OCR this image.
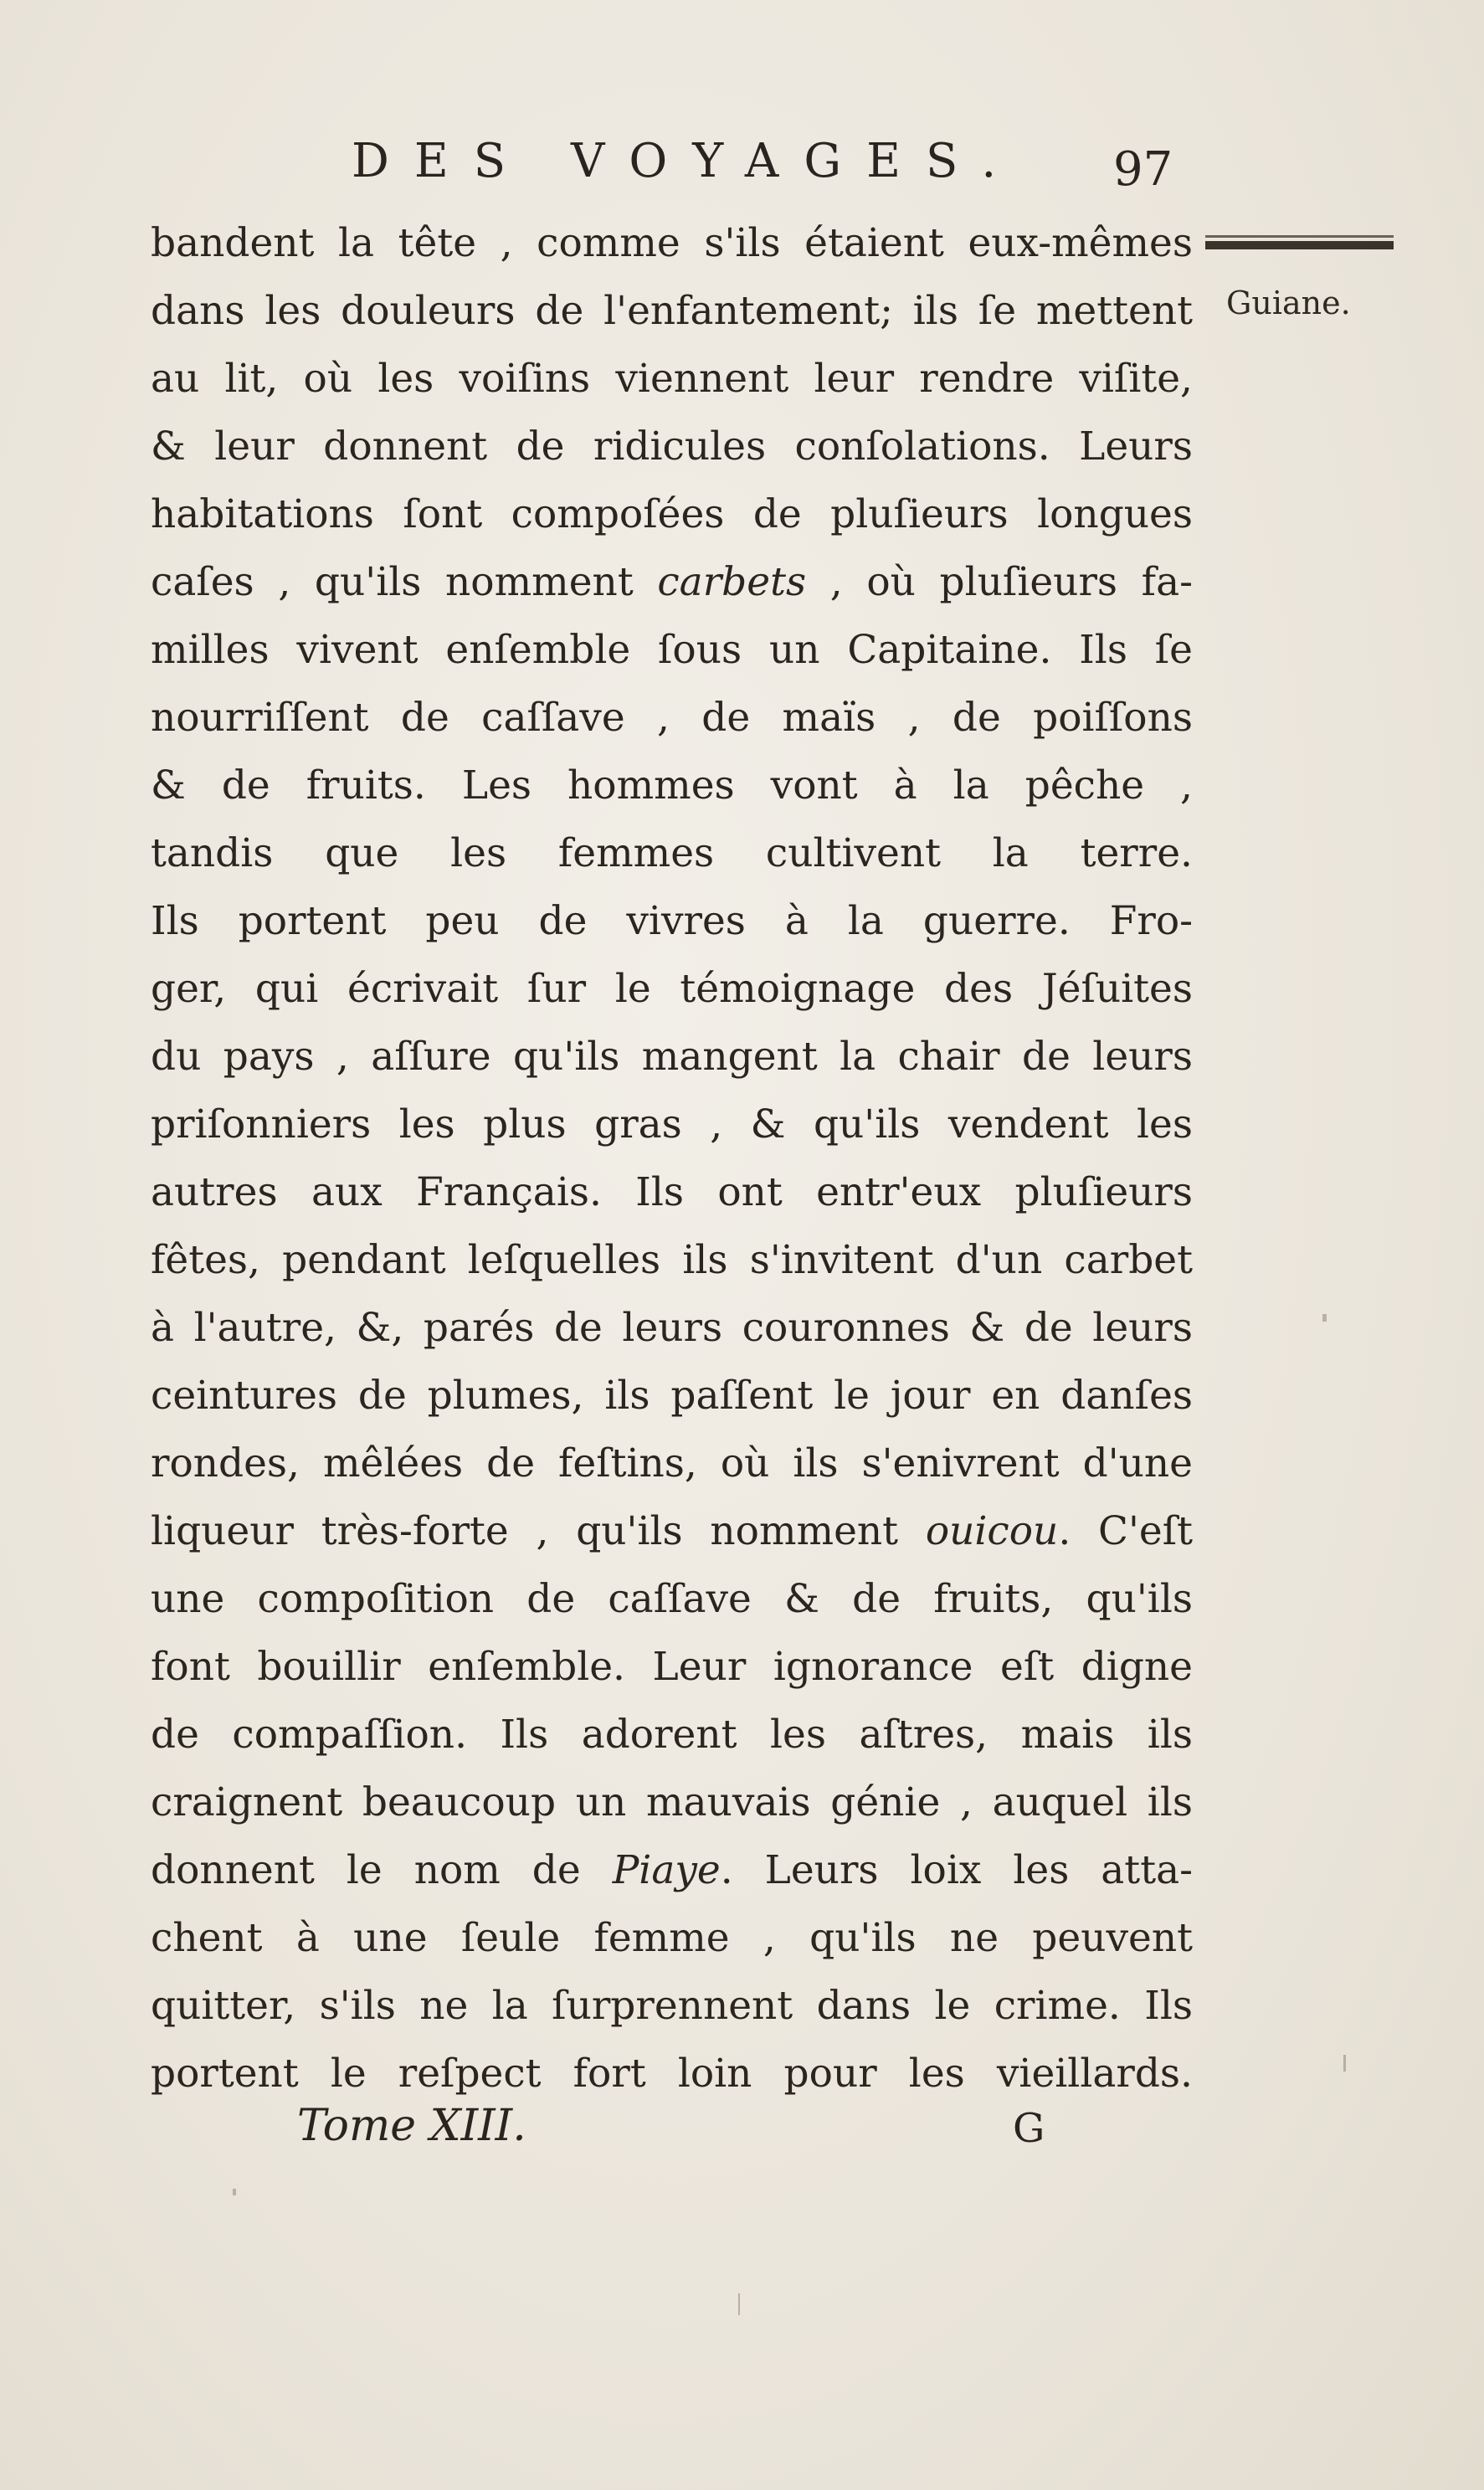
DES VOYAGES.	97
Guiane.
bandent la tête , comme s'ils étaient eux-mêmes
dans les douleurs de l'enfantement; ils ſe mettent
au lit, où les voiſins viennent leur rendre viſite,
& leur donnent de ridicules conſolations. Leurs
habitations ſont compoſées de pluſieurs longues
caſes , qu'ils nomment carbets , où pluſieurs fa-
milles vivent enſemble ſous un Capitaine. Ils ſe
nourriſſent de caſſave , de maïs , de poiſſons
& de fruits. Les hommes vont à la pêche ,
tandis que les femmes cultivent la terre.
Ils portent peu de vivres à la guerre. Fro-
ger, qui écrivait ſur le témoignage des Jéſuites
du pays , aſſure qu'ils mangent la chair de leurs
priſonniers les plus gras , & qu'ils vendent les
autres aux Français. Ils ont entr'eux pluſieurs
fêtes, pendant leſquelles ils s'invitent d'un carbet
à l'autre, &, parés de leurs couronnes & de leurs
ceintures de plumes, ils paſſent le jour en danſes
rondes, mêlées de feſtins, où ils s'enivrent d'une
liqueur très-forte , qu'ils nomment ouicou. C'eſt
une compoſition de caſſave & de fruits, qu'ils
font bouillir enſemble. Leur ignorance eſt digne
de compaſſion. Ils adorent les aſtres, mais ils
craignent beaucoup un mauvais génie , auquel ils
donnent le nom de Piaye. Leurs loix les atta-
chent à une ſeule femme , qu'ils ne peuvent
quitter, s'ils ne la ſurprennent dans le crime. Ils
portent le reſpect fort loin pour les vieillards.
Tome XIII.	G
